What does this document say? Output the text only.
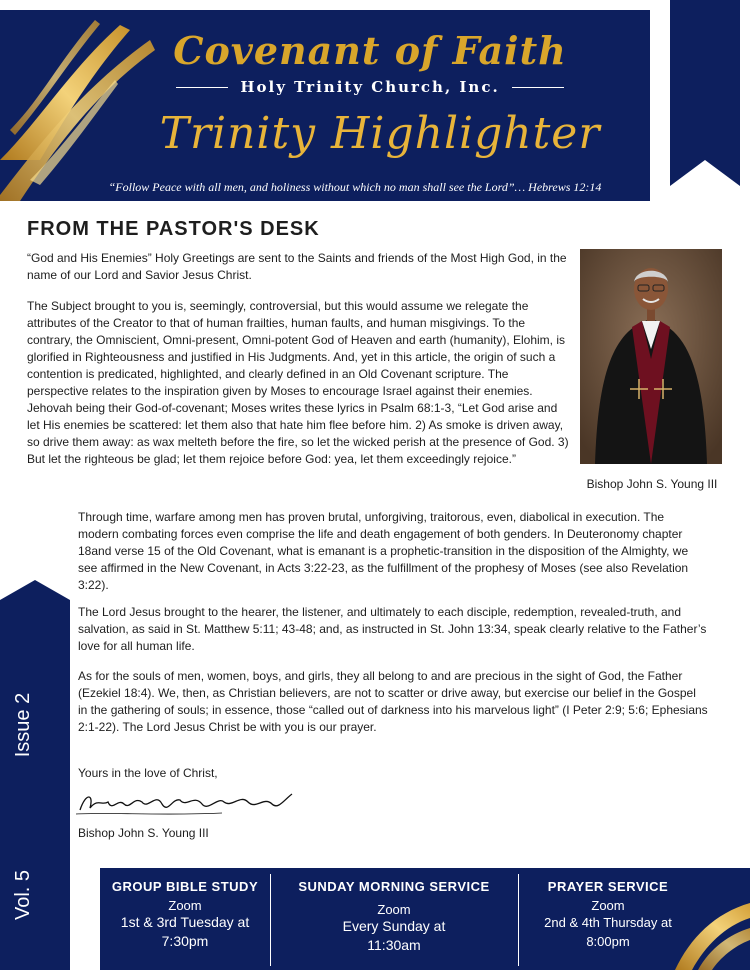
Covenant of Faith
Holy Trinity Church, Inc.
Trinity Highlighter
“Follow Peace with all men, and holiness without which no man shall see the Lord”… Hebrews 12:14
Issue 2
Vol. 5
FROM THE PASTOR'S DESK

“God and His Enemies” Holy Greetings are sent to the Saints and friends of the Most High God, in the name of our Lord and Savior Jesus Christ.

The Subject brought to you is, seemingly, controversial, but this would assume we relegate the attributes of the Creator to that of human frailties, human faults, and human misgivings. To the contrary, the Omniscient, Omni-present, Omni-potent God of Heaven and earth (humanity), Elohim, is glorified in Righteousness and justified in His Judgments. And, yet in this article, the origin of such a contention is predicated, highlighted, and clearly defined in an Old Covenant scripture. The perspective relates to the inspiration given by Moses to encourage Israel against their enemies. Jehovah being their God-of-covenant; Moses writes these lyrics in Psalm 68:1-3, “Let God arise and let His enemies be scattered: let them also that hate him flee before him. 2) As smoke is driven away, so drive them away: as wax melteth before the fire, so let the wicked perish at the presence of God. 3) But let the righteous be glad; let them rejoice before God: yea, let them exceedingly rejoice.”

Bishop John S. Young III

Through time, warfare among men has proven brutal, unforgiving, traitorous, even, diabolical in execution. The modern combating forces even comprise the life and death engagement of both genders. In Deuteronomy chapter 18and verse 15 of the Old Covenant, what is emanant is a prophetic-transition in the disposition of the Almighty, we see affirmed in the New Covenant, in Acts 3:22-23, as the fulfillment of the prophesy of Moses (see also Revelation 3:22).

The Lord Jesus brought to the hearer, the listener, and ultimately to each disciple, redemption, revealed-truth, and salvation, as said in St. Matthew 5:11; 43-48; and, as instructed in St. John 13:34, speak clearly relative to the Father’s love for all human life.

As for the souls of men, women, boys, and girls, they all belong to and are precious in the sight of God, the Father (Ezekiel 18:4). We, then, as Christian believers, are not to scatter or drive away, but exercise our belief in the Gospel in the gathering of souls; in essence, those “called out of darkness into his marvelous light” (I Peter 2:9; 5:6; Ephesians 2:1-22). The Lord Jesus Christ be with you is our prayer.

Yours in the love of Christ,
Bishop John S. Young III
GROUP BIBLE STUDY
Zoom
1st & 3rd Tuesday at 7:30pm
SUNDAY MORNING SERVICE
Zoom
Every Sunday at 11:30am
PRAYER SERVICE
Zoom
2nd & 4th Thursday at 8:00pm
